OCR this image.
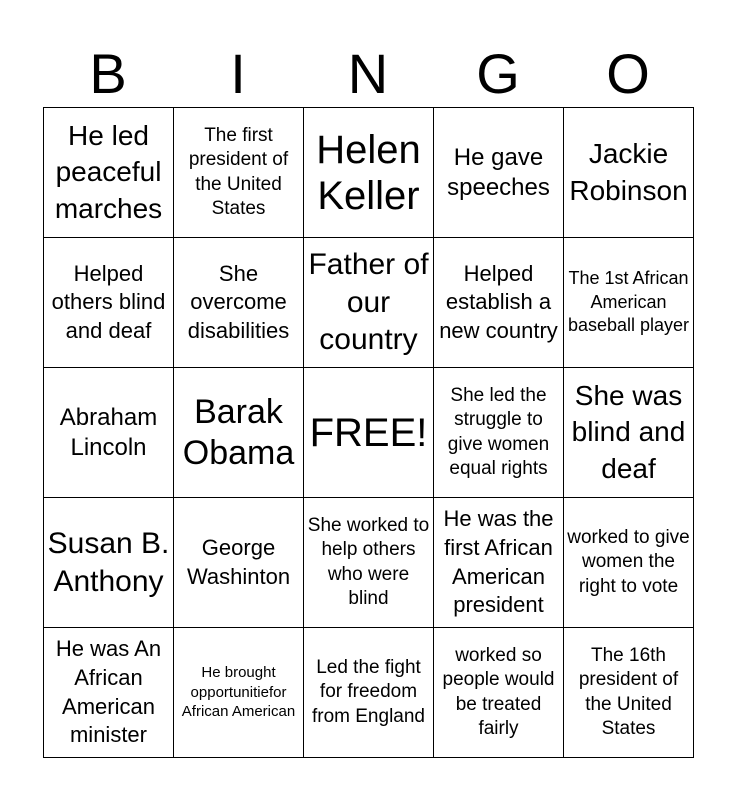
B	I	N	G	O
He led peaceful marches	The first president of the United States	Helen Keller	He gave speeches	Jackie Robinson
Helped others blind and deaf	She overcome disabilities	Father of our country	Helped establish a new country	The 1st African American baseball player
Abraham Lincoln	Barak Obama	FREE!	She led the struggle to give women equal rights	She was blind and deaf
Susan B. Anthony	George Washinton	She worked to help others who were blind	He was the first African American president	worked to give women the right to vote
He was An African American minister	He brought opportunitiefor African American	Led the fight for freedom from England	worked so people would be treated fairly	The 16th president of the United States
